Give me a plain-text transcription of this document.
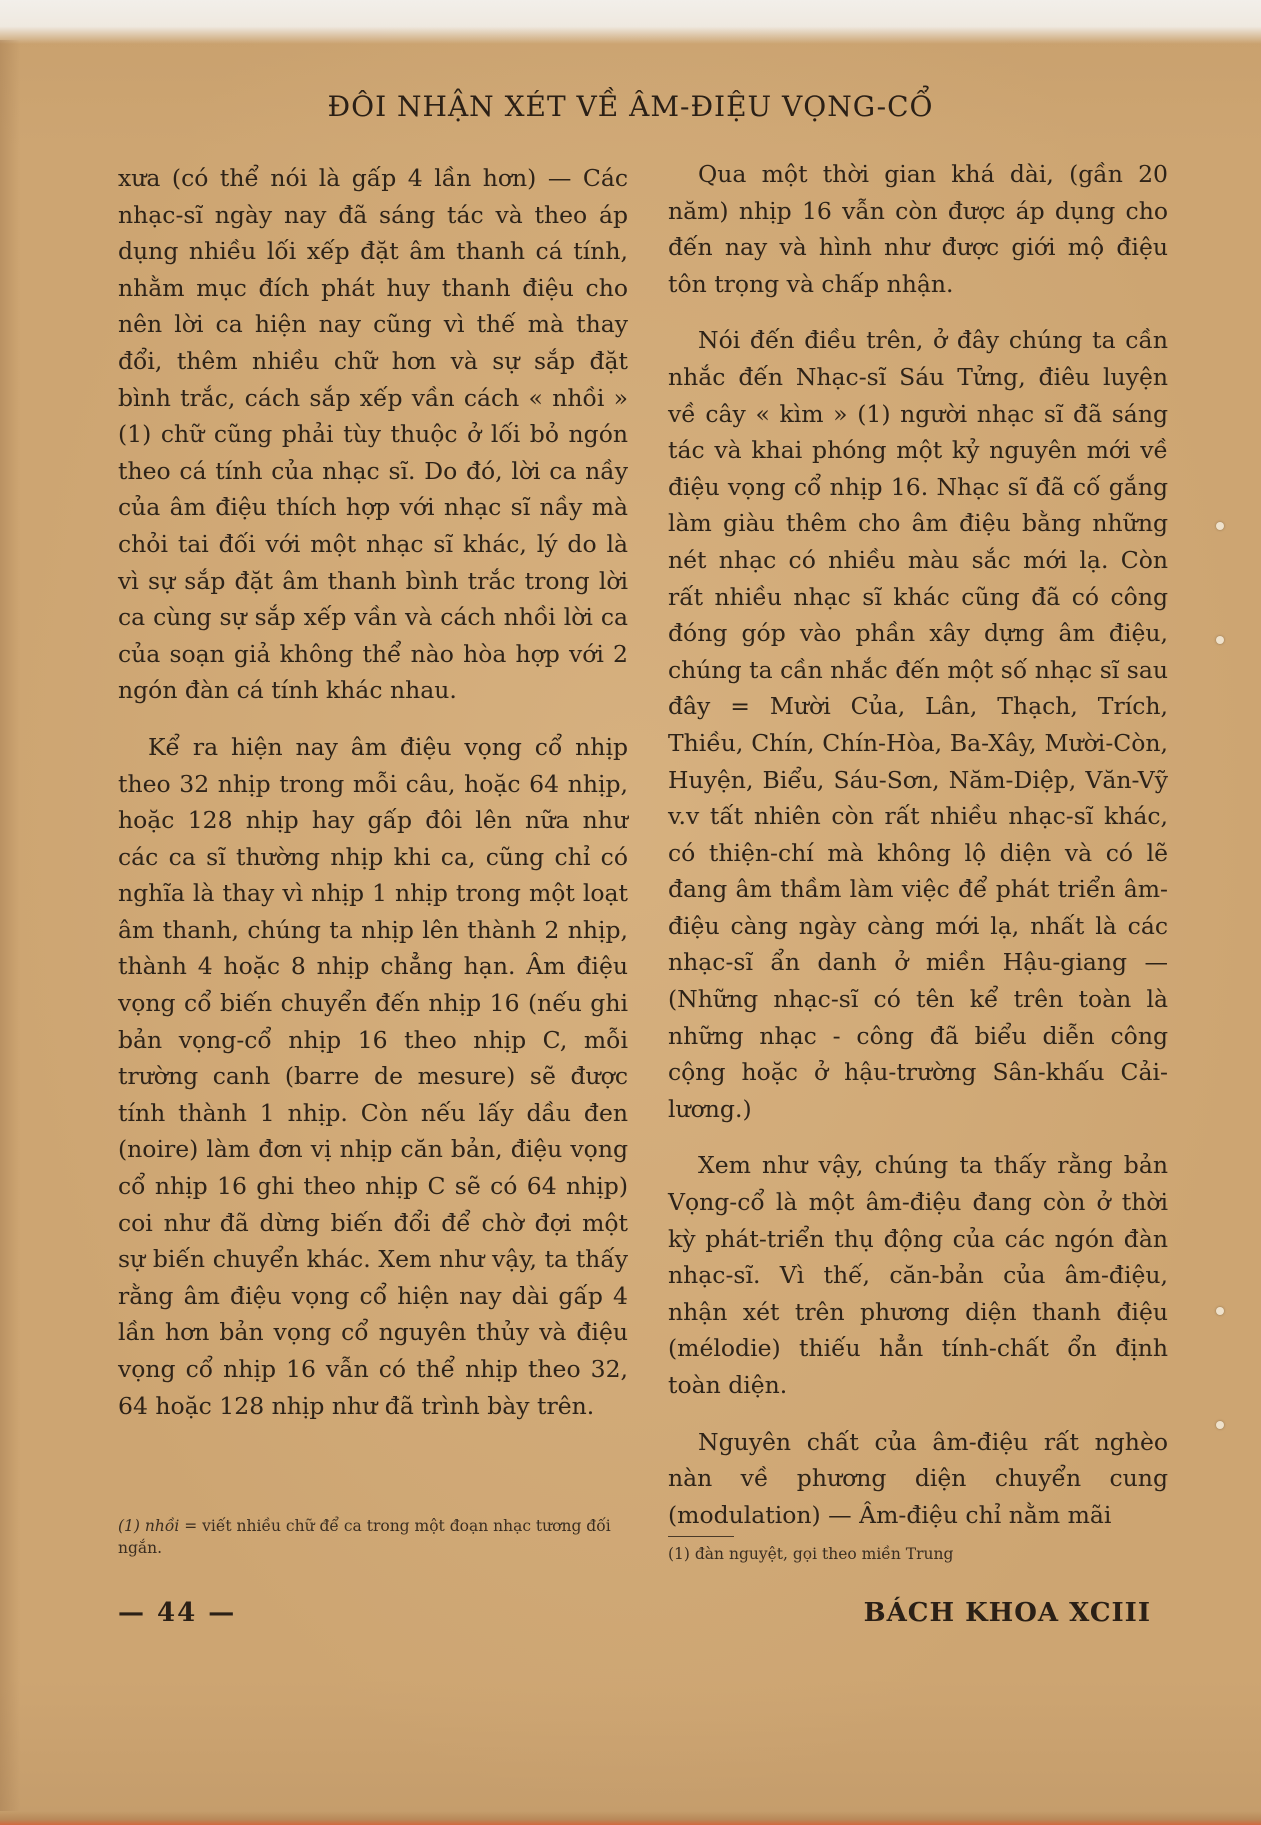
ĐÔI NHẬN XÉT VỀ ÂM-ĐIỆU VỌNG-CỔ

xưa (có thể nói là gấp 4 lần hơn) — Các nhạc-sĩ ngày nay đã sáng tác và theo áp dụng nhiều lối xếp đặt âm thanh cá tính, nhằm mục đích phát huy thanh điệu cho nên lời ca hiện nay cũng vì thế mà thay đổi, thêm nhiều chữ hơn và sự sắp đặt bình trắc, cách sắp xếp vần cách « nhồi » (1) chữ cũng phải tùy thuộc ở lối bỏ ngón theo cá tính của nhạc sĩ. Do đó, lời ca nầy của âm điệu thích hợp với nhạc sĩ nầy mà chỏi tai đối với một nhạc sĩ khác, lý do là vì sự sắp đặt âm thanh bình trắc trong lời ca cùng sự sắp xếp vần và cách nhồi lời ca của soạn giả không thể nào hòa hợp với 2 ngón đàn cá tính khác nhau.

Kể ra hiện nay âm điệu vọng cổ nhịp theo 32 nhịp trong mỗi câu, hoặc 64 nhịp, hoặc 128 nhịp hay gấp đôi lên nữa như các ca sĩ thường nhịp khi ca, cũng chỉ có nghĩa là thay vì nhịp 1 nhịp trong một loạt âm thanh, chúng ta nhịp lên thành 2 nhịp, thành 4 hoặc 8 nhịp chẳng hạn. Âm điệu vọng cổ biến chuyển đến nhịp 16 (nếu ghi bản vọng-cổ nhịp 16 theo nhịp C, mỗi trường canh (barre de mesure) sẽ được tính thành 1 nhịp. Còn nếu lấy dầu đen (noire) làm đơn vị nhịp căn bản, điệu vọng cổ nhịp 16 ghi theo nhịp C sẽ có 64 nhịp) coi như đã dừng biến đổi để chờ đợi một sự biến chuyển khác. Xem như vậy, ta thấy rằng âm điệu vọng cổ hiện nay dài gấp 4 lần hơn bản vọng cổ nguyên thủy và điệu vọng cổ nhịp 16 vẫn có thể nhịp theo 32, 64 hoặc 128 nhịp như đã trình bày trên.

(1) nhồi = viết nhiều chữ để ca trong một đoạn nhạc tương đối ngắn.

Qua một thời gian khá dài, (gần 20 năm) nhịp 16 vẫn còn được áp dụng cho đến nay và hình như được giới mộ điệu tôn trọng và chấp nhận.

Nói đến điều trên, ở đây chúng ta cần nhắc đến Nhạc-sĩ Sáu Tửng, điêu luyện về cây « kìm » (1) người nhạc sĩ đã sáng tác và khai phóng một kỷ nguyên mới về điệu vọng cổ nhịp 16. Nhạc sĩ đã cố gắng làm giàu thêm cho âm điệu bằng những nét nhạc có nhiều màu sắc mới lạ. Còn rất nhiều nhạc sĩ khác cũng đã có công đóng góp vào phần xây dựng âm điệu, chúng ta cần nhắc đến một số nhạc sĩ sau đây = Mười Của, Lân, Thạch, Trích, Thiều, Chín, Chín-Hòa, Ba-Xây, Mười-Còn, Huyện, Biểu, Sáu-Sơn, Năm-Diệp, Văn-Vỹ v.v tất nhiên còn rất nhiều nhạc-sĩ khác, có thiện-chí mà không lộ diện và có lẽ đang âm thầm làm việc để phát triển âm-điệu càng ngày càng mới lạ, nhất là các nhạc-sĩ ẩn danh ở miền Hậu-giang — (Những nhạc-sĩ có tên kể trên toàn là những nhạc - công đã biểu diễn công cộng hoặc ở hậu-trường Sân-khấu Cải-lương.)

Xem như vậy, chúng ta thấy rằng bản Vọng-cổ là một âm-điệu đang còn ở thời kỳ phát-triển thụ động của các ngón đàn nhạc-sĩ. Vì thế, căn-bản của âm-điệu, nhận xét trên phương diện thanh điệu (mélodie) thiếu hẳn tính-chất ổn định toàn diện.

Nguyên chất của âm-điệu rất nghèo nàn về phương diện chuyển cung (modulation) — Âm-điệu chỉ nằm mãi

(1) đàn nguyệt, gọi theo miền Trung
— 44 —	BÁCH KHOA XCIII
